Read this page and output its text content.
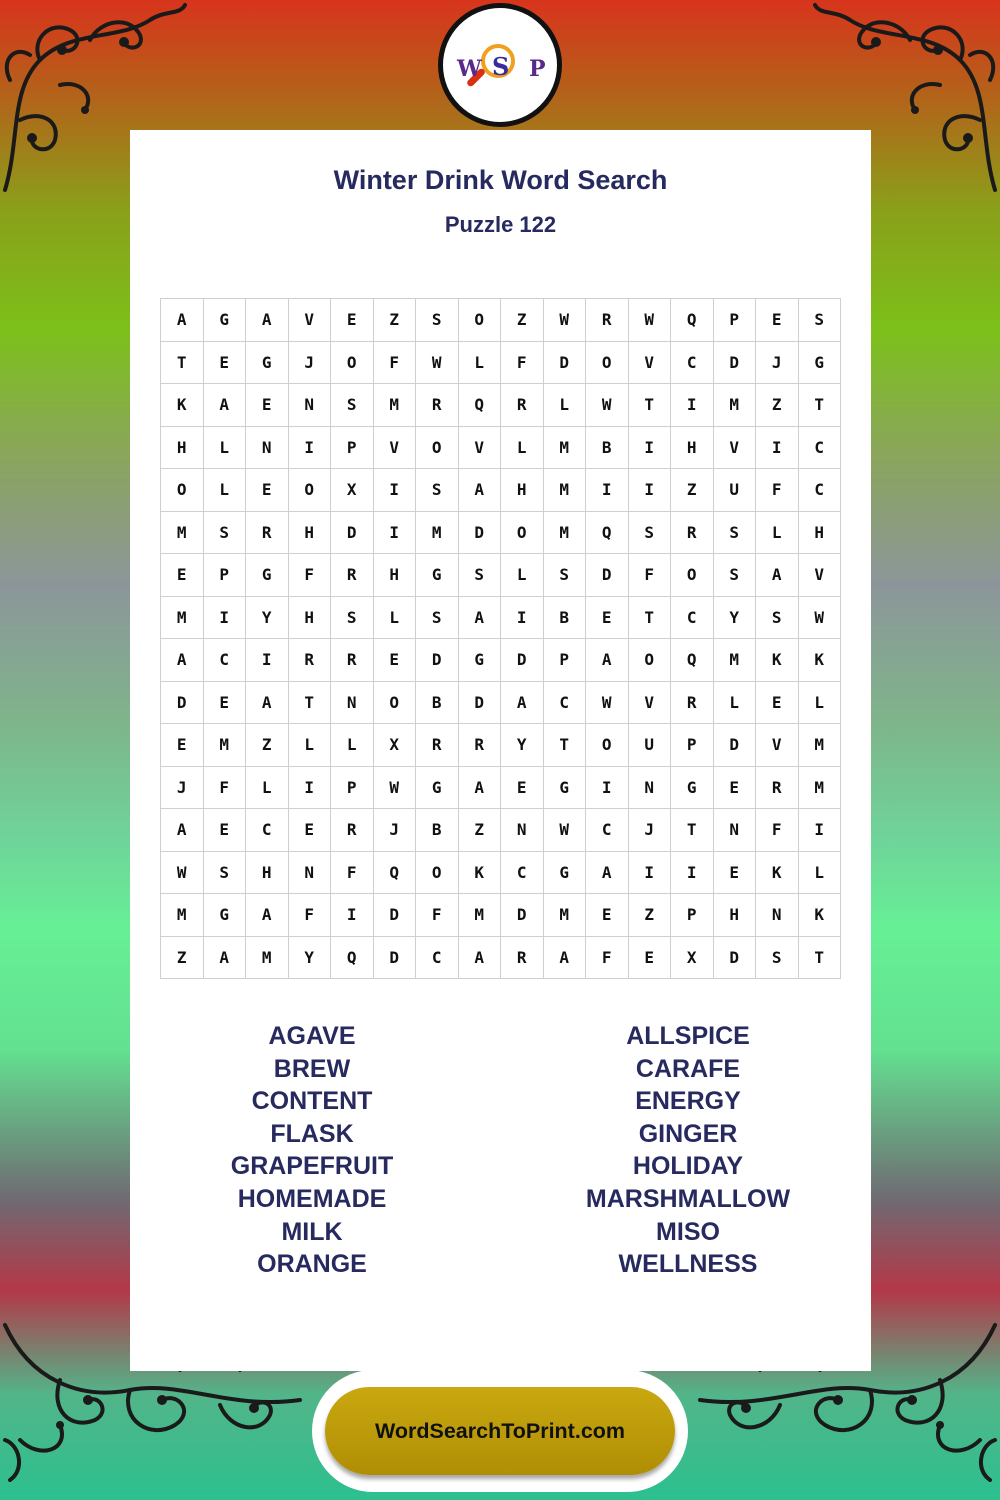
W S P
Winter Drink Word Search
Puzzle 122
A	G	A	V	E	Z	S	O	Z	W	R	W	Q	P	E	S
T	E	G	J	O	F	W	L	F	D	O	V	C	D	J	G
K	A	E	N	S	M	R	Q	R	L	W	T	I	M	Z	T
H	L	N	I	P	V	O	V	L	M	B	I	H	V	I	C
O	L	E	O	X	I	S	A	H	M	I	I	Z	U	F	C
M	S	R	H	D	I	M	D	O	M	Q	S	R	S	L	H
E	P	G	F	R	H	G	S	L	S	D	F	O	S	A	V
M	I	Y	H	S	L	S	A	I	B	E	T	C	Y	S	W
A	C	I	R	R	E	D	G	D	P	A	O	Q	M	K	K
D	E	A	T	N	O	B	D	A	C	W	V	R	L	E	L
E	M	Z	L	L	X	R	R	Y	T	O	U	P	D	V	M
J	F	L	I	P	W	G	A	E	G	I	N	G	E	R	M
A	E	C	E	R	J	B	Z	N	W	C	J	T	N	F	I
W	S	H	N	F	Q	O	K	C	G	A	I	I	E	K	L
M	G	A	F	I	D	F	M	D	M	E	Z	P	H	N	K
Z	A	M	Y	Q	D	C	A	R	A	F	E	X	D	S	T
AGAVE
BREW
CONTENT
FLASK
GRAPEFRUIT
HOMEMADE
MILK
ORANGE
ALLSPICE
CARAFE
ENERGY
GINGER
HOLIDAY
MARSHMALLOW
MISO
WELLNESS
WordSearchToPrint.com
